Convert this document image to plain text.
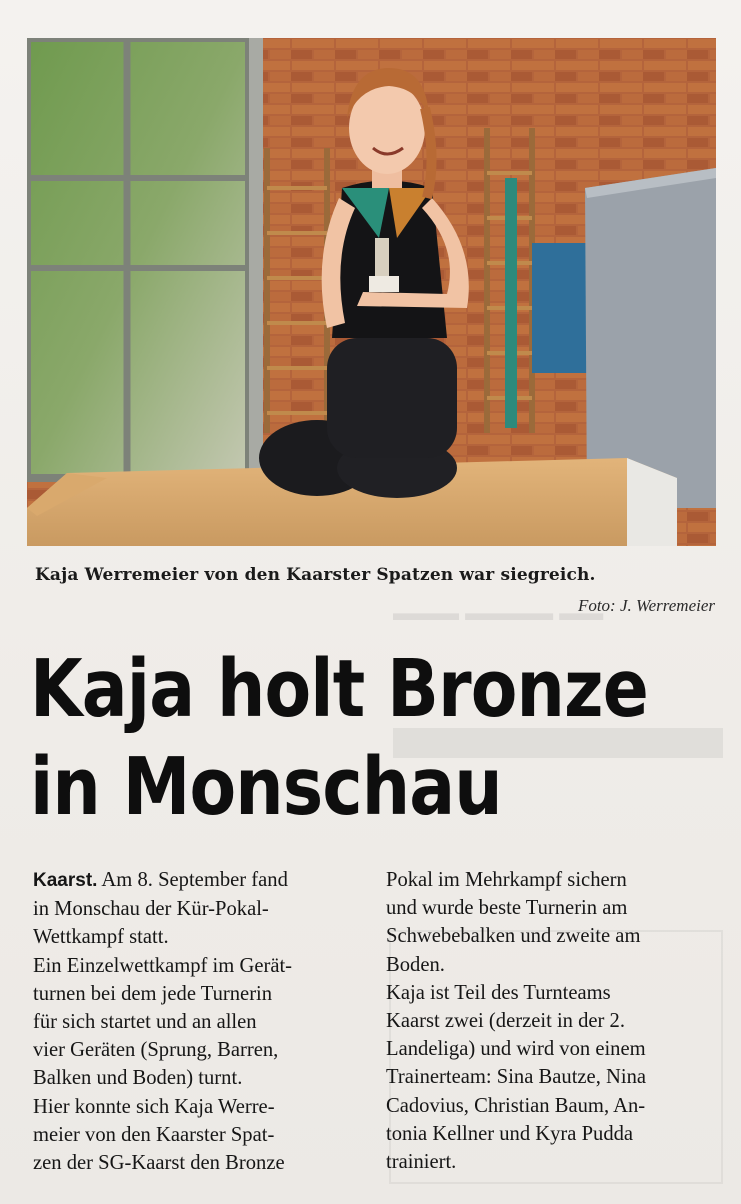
▬▬▬ ▬▬▬▬ ▬▬
Kaja Werremeier von den Kaarster Spatzen war siegreich.
Foto: J. Werremeier
Kaja holt Bronze
in Monschau
Kaarst. Am 8. September fand
in Monschau der Kür-Pokal-
Wettkampf statt.
Ein Einzelwettkampf im Gerät-
turnen bei dem jede Turnerin
für sich startet und an allen
vier Geräten (Sprung, Barren,
Balken und Boden) turnt.
Hier konnte sich Kaja Werre-
meier von den Kaarster Spat-
zen der SG-Kaarst den Bronze
Pokal im Mehrkampf sichern
und wurde beste Turnerin am
Schwebebalken und zweite am
Boden.
Kaja ist Teil des Turnteams
Kaarst zwei (derzeit in der 2.
Landeliga) und wird von einem
Trainerteam: Sina Bautze, Nina
Cadovius, Christian Baum, An-
tonia Kellner und Kyra Pudda
trainiert.
